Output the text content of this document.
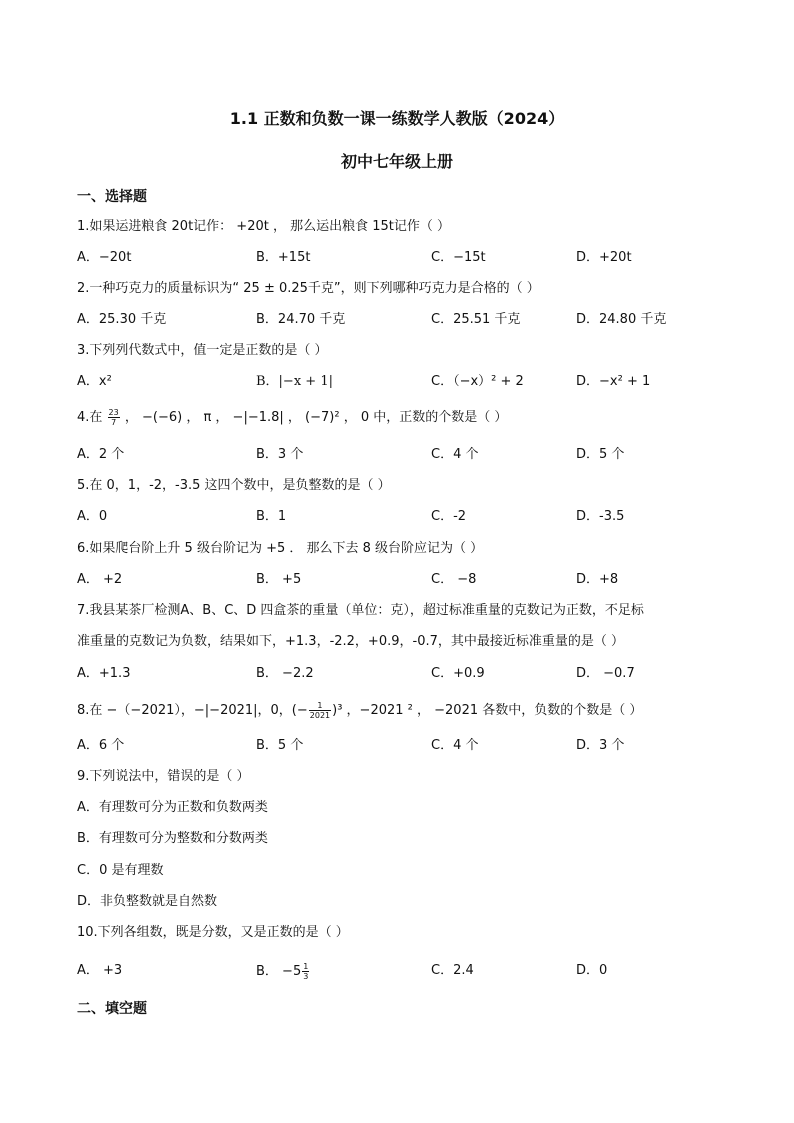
1.1 正数和负数一课一练数学人教版（2024）
初中七年级上册
一、选择题
1.如果运进粮食 20t记作： +20t ， 那么运出粮食 15t记作（ ）
A．−20t	B．+15t	C．−15t	D．+20t
2.一种巧克力的质量标识为“ 25 ± 0.25千克”，则下列哪种巧克力是合格的（ ）
A．25.30 千克	B．24.70 千克	C．25.51 千克	D．24.80 千克
3.下列列代数式中，值一定是正数的是（ ）
A．x²	B．|−x + 1|	C．（−x）² + 2	D．−x² + 1
4.在 $\frac{23}{7}$ ， −(−6) ， π ， −|−1.8| ， (−7)² ， 0 中，正数的个数是（ ）
A．2 个	B．3 个	C．4 个	D．5 个
5.在 0，1，-2，-3.5 这四个数中，是负整数的是（ ）
A．0	B．1	C．-2	D．-3.5
6.如果爬台阶上升 5 级台阶记为 +5 ． 那么下去 8 级台阶应记为（ ）
A． +2	B． +5	C． −8	D．+8
7.我县某茶厂检测A、B、C、D 四盒茶的重量（单位：克），超过标准重量的克数记为正数，不足标
准重量的克数记为负数，结果如下，+1.3，-2.2，+0.9，-0.7，其中最接近标准重量的是（ ）
A．+1.3	B． −2.2	C．+0.9	D． −0.7
8.在 −（−2021），−|−2021|，0，(− $\frac{1}{2021} )^3$ ，−2021 ² ， −2021 各数中，负数的个数是（ ）
A．6 个	B．5 个	C．4 个	D．3 个
9.下列说法中，错误的是（ ）
A．有理数可分为正数和负数两类
B．有理数可分为整数和分数两类
C．0 是有理数
D．非负整数就是自然数
10.下列各组数，既是分数，又是正数的是（ ）
A． +3	B． $-5 \frac{1}{3}$	C．2.4	D．0
二、填空题
